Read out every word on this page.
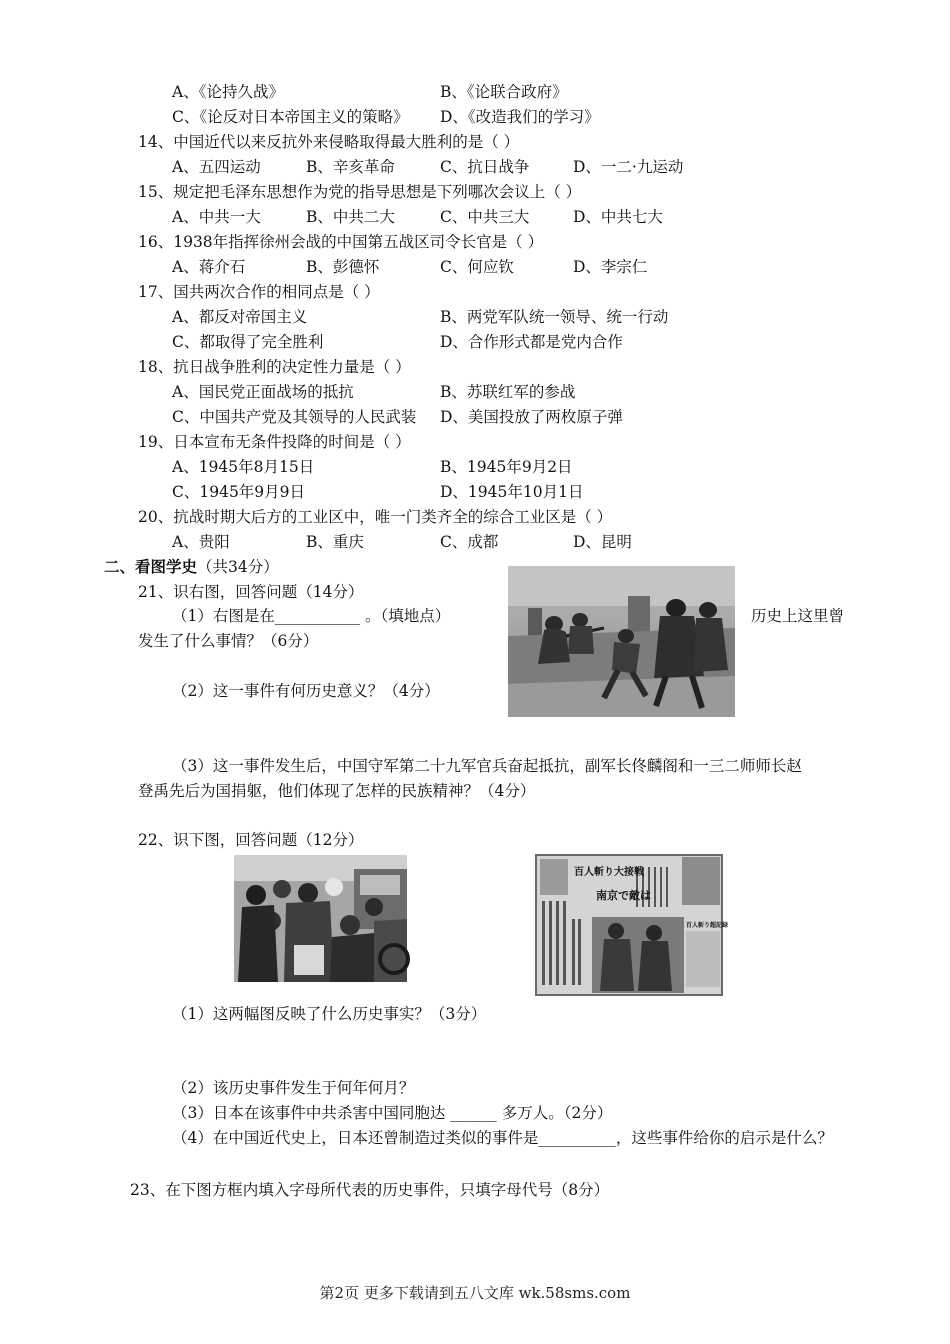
A、《论持久战》	B、《论联合政府》
C、《论反对日本帝国主义的策略》 D、《改造我们的学习》
14、中国近代以来反抗外来侵略取得最大胜利的是（ ）
A、五四运动	B、辛亥革命	C、抗日战争	D、一二·九运动
15、规定把毛泽东思想作为党的指导思想是下列哪次会议上（ ）
A、中共一大	B、中共二大	C、中共三大	D、中共七大
16、1938年指挥徐州会战的中国第五战区司令长官是（ ）
A、蒋介石	B、彭德怀	C、何应钦	D、李宗仁
17、国共两次合作的相同点是（ ）
A、都反对帝国主义	B、两党军队统一领导、统一行动
C、都取得了完全胜利	D、合作形式都是党内合作
18、抗日战争胜利的决定性力量是（ ）
A、国民党正面战场的抵抗	B、苏联红军的参战
C、中国共产党及其领导的人民武装 D、美国投放了两枚原子弹
19、日本宣布无条件投降的时间是（ ）
A、1945年8月15日	B、1945年9月2日
C、1945年9月9日	D、1945年10月1日
20、抗战时期大后方的工业区中，唯一门类齐全的综合工业区是（ ）
A、贵阳	B、重庆	C、成都	D、昆明
二、看图学史（共34分）
21、识右图，回答问题（14分）
（1）右图是在___________ 。（填地点）	历史上这里曾
发生了什么事情？（6分）
（2）这一事件有何历史意义？（4分）
（3）这一事件发生后，中国守军第二十九军官兵奋起抵抗，副军长佟麟阁和一三二师师长赵
登禹先后为国捐躯，他们体现了怎样的民族精神？（4分）
22、识下图，回答问题（12分）
百人斬り大接戦
南京で敵は
百人斬り超記録
（1）这两幅图反映了什么历史事实？（3分）
（2）该历史事件发生于何年何月？
（3）日本在该事件中共杀害中国同胞达 ______ 多万人。（2分）
（4）在中国近代史上，日本还曾制造过类似的事件是__________，这些事件给你的启示是什么？
23、在下图方框内填入字母所代表的历史事件，只填字母代号（8分）
第2页 更多下载请到五八文库 wk.58sms.com
